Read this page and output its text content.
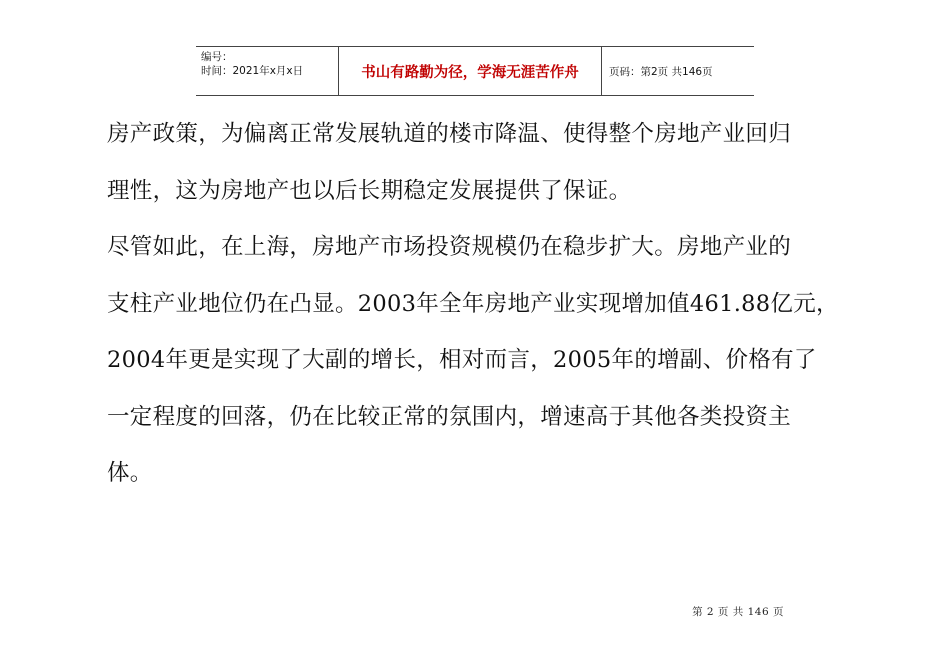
编号：
时间：2021年x月x日	书山有路勤为径，学海无涯苦作舟	页码：第2页 共146页
房产政策，为偏离正常发展轨道的楼市降温、使得整个房地产业回归
理性，这为房地产也以后长期稳定发展提供了保证。
尽管如此，在上海，房地产市场投资规模仍在稳步扩大。房地产业的
支柱产业地位仍在凸显。2003年全年房地产业实现增加值461.88亿元，
2004年更是实现了大副的增长，相对而言，2005年的增副、价格有了
一定程度的回落，仍在比较正常的氛围内，增速高于其他各类投资主
体。
第 2 页 共 146 页
